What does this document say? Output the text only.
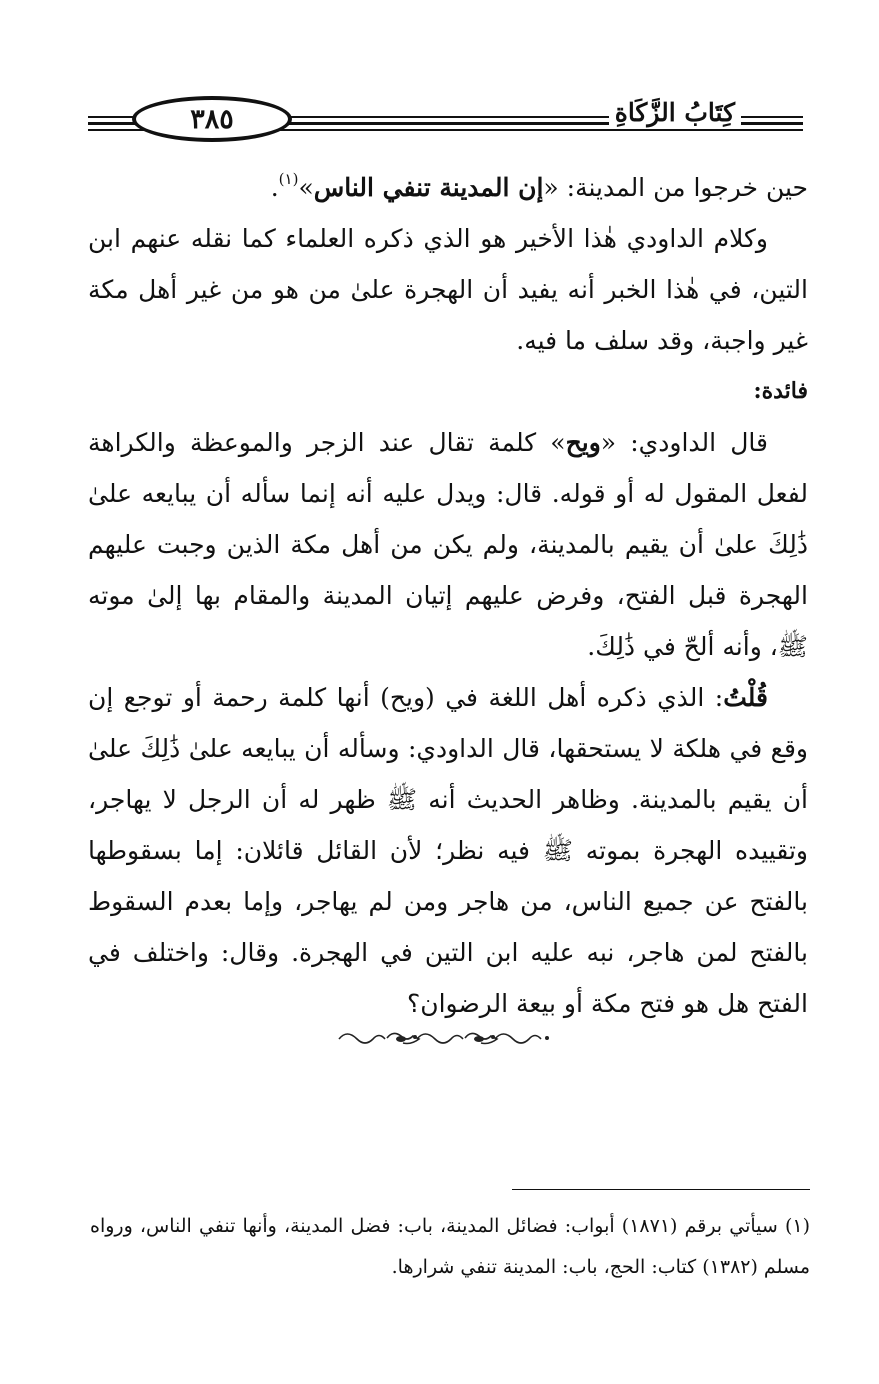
٣٨٥	كِتَابُ الزَّكَاةِ

حين خرجوا من المدينة: «إن المدينة تنفي الناس»$^{(١)}$.

وكلام الداودي هٰذا الأخير هو الذي ذكره العلماء كما نقله عنهم ابن التين، في هٰذا الخبر أنه يفيد أن الهجرة علىٰ من هو من غير أهل مكة غير واجبة، وقد سلف ما فيه.

فائدة:

قال الداودي: «ويح» كلمة تقال عند الزجر والموعظة والكراهة لفعل المقول له أو قوله. قال: ويدل عليه أنه إنما سأله أن يبايعه علىٰ ذَٰلِكَ علىٰ أن يقيم بالمدينة، ولم يكن من أهل مكة الذين وجبت عليهم الهجرة قبل الفتح، وفرض عليهم إتيان المدينة والمقام بها إلىٰ موته ﷺ، وأنه ألحّ في ذَٰلِكَ.

قُلْتُ: الذي ذكره أهل اللغة في (ويح) أنها كلمة رحمة أو توجع إن وقع في هلكة لا يستحقها، قال الداودي: وسأله أن يبايعه علىٰ ذَٰلِكَ علىٰ أن يقيم بالمدينة. وظاهر الحديث أنه ﷺ ظهر له أن الرجل لا يهاجر، وتقييده الهجرة بموته ﷺ فيه نظر؛ لأن القائل قائلان: إما بسقوطها بالفتح عن جميع الناس، من هاجر ومن لم يهاجر، وإما بعدم السقوط بالفتح لمن هاجر، نبه عليه ابن التين في الهجرة. وقال: واختلف في الفتح هل هو فتح مكة أو بيعة الرضوان؟

(١) سيأتي برقم (١٨٧١) أبواب: فضائل المدينة، باب: فضل المدينة، وأنها تنفي الناس، ورواه مسلم (١٣٨٢) كتاب: الحج، باب: المدينة تنفي شرارها.
